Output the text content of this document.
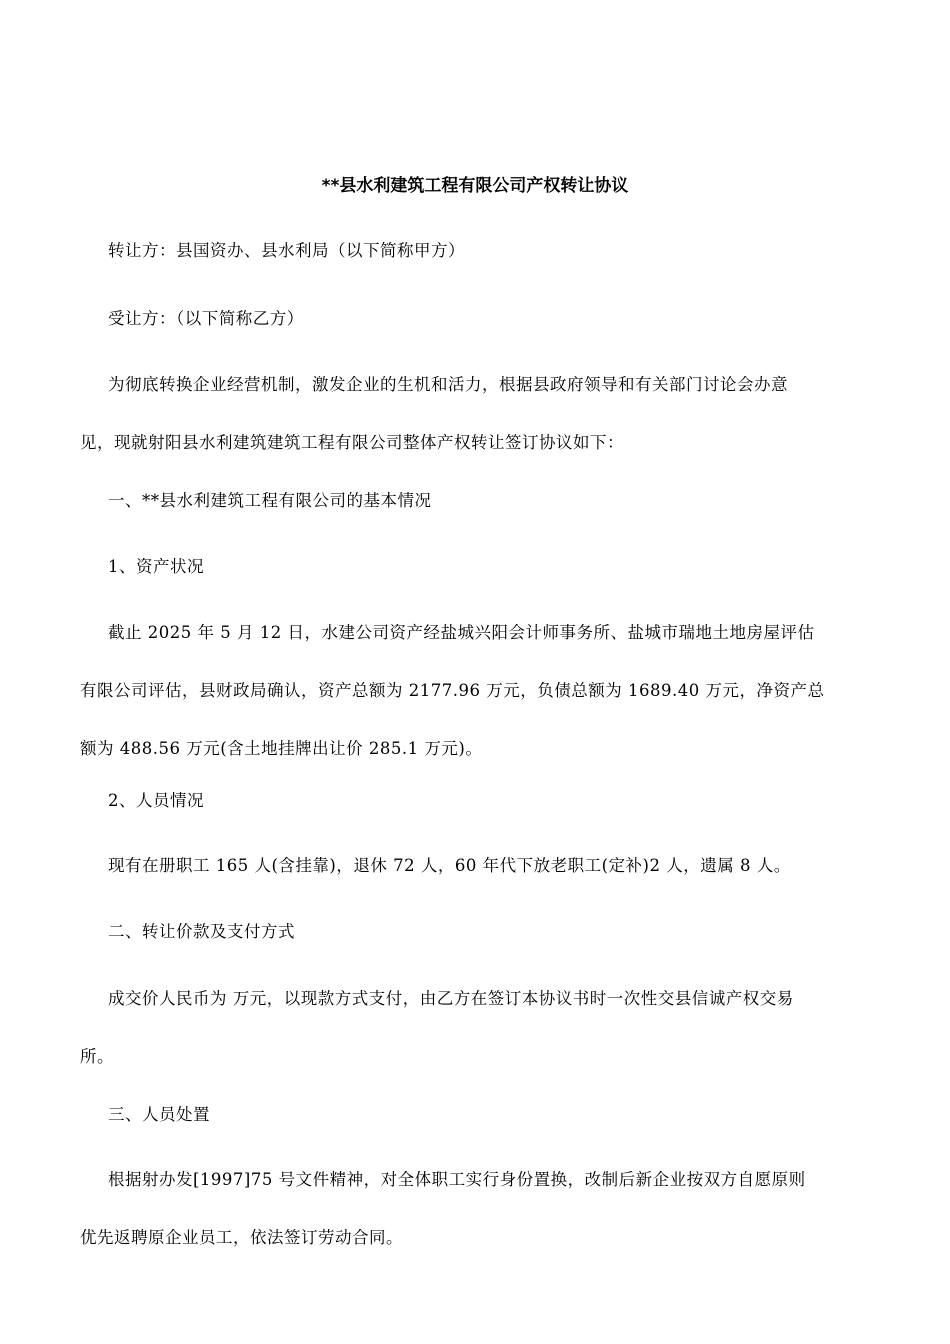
**县水利建筑工程有限公司产权转让协议

转让方：县国资办、县水利局（以下简称甲方）

受让方：（以下简称乙方）

为彻底转换企业经营机制，激发企业的生机和活力，根据县政府领导和有关部门讨论会办意
见，现就射阳县水利建筑建筑工程有限公司整体产权转让签订协议如下：

一、**县水利建筑工程有限公司的基本情况

1、资产状况

截止 2025 年 5 月 12 日，水建公司资产经盐城兴阳会计师事务所、盐城市瑞地土地房屋评估
有限公司评估，县财政局确认，资产总额为 2177.96 万元，负债总额为 1689.40 万元，净资产总
额为 488.56 万元(含土地挂牌出让价 285.1 万元)。

2、人员情况

现有在册职工 165 人(含挂靠)，退休 72 人，60 年代下放老职工(定补)2 人，遗属 8 人。

二、转让价款及支付方式

成交价人民币为 万元，以现款方式支付，由乙方在签订本协议书时一次性交县信诚产权交易
所。

三、人员处置

根据射办发[1997]75 号文件精神，对全体职工实行身份置换，改制后新企业按双方自愿原则
优先返聘原企业员工，依法签订劳动合同。
